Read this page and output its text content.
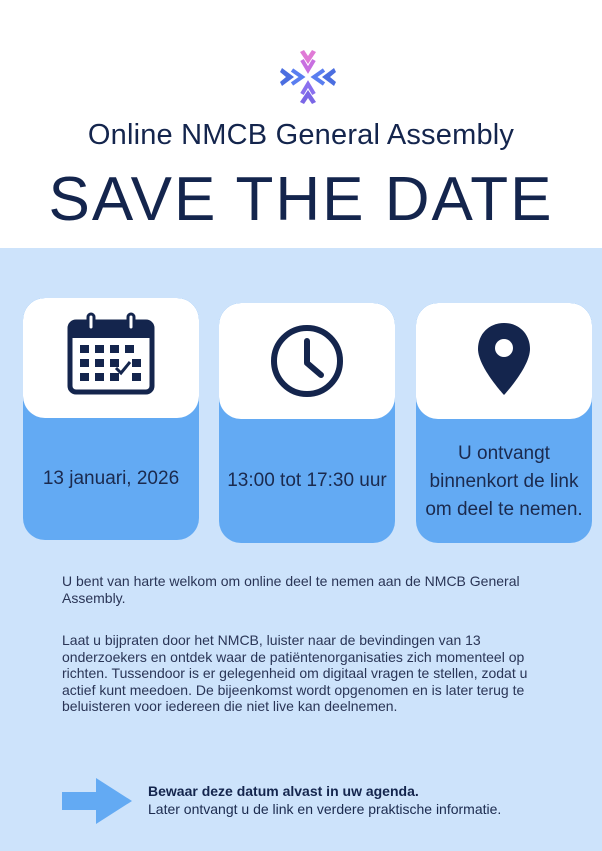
Online NMCB General Assembly
SAVE THE DATE
13 januari, 2026	13:00 tot 17:30 uur
U ontvangt binnenkort de link om deel te nemen.

U bent van harte welkom om online deel te nemen aan de NMCB General Assembly.

Laat u bijpraten door het NMCB, luister naar de bevindingen van 13 onderzoekers en ontdek waar de patiëntenorganisaties zich momenteel op richten. Tussendoor is er gelegenheid om digitaal vragen te stellen, zodat u actief kunt meedoen. De bijeenkomst wordt opgenomen en is later terug te beluisteren voor iedereen die niet live kan deelnemen.

Bewaar deze datum alvast in uw agenda.
Later ontvangt u de link en verdere praktische informatie.
